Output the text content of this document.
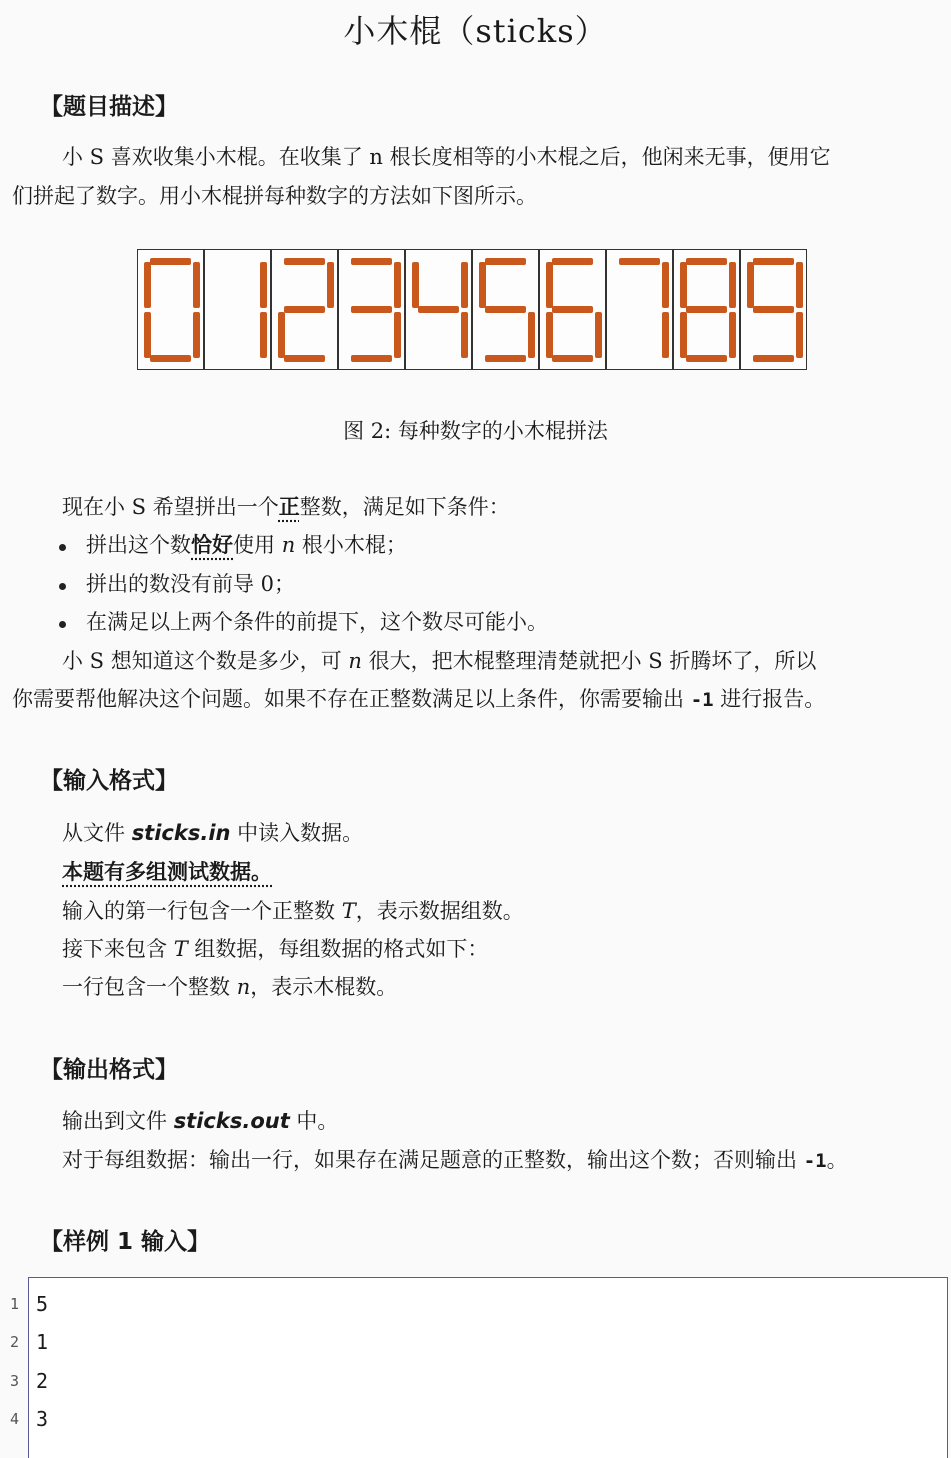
小木棍（sticks）
【题目描述】
小 S 喜欢收集小木棍。在收集了 n 根长度相等的小木棍之后，他闲来无事，便用它
们拼起了数字。用小木棍拼每种数字的方法如下图所示。
图 2: 每种数字的小木棍拼法
现在小 S 希望拼出一个正整数，满足如下条件：
拼出这个数恰好使用 n 根小木棍；
拼出的数没有前导 0；
在满足以上两个条件的前提下，这个数尽可能小。
小 S 想知道这个数是多少，可 n 很大，把木棍整理清楚就把小 S 折腾坏了，所以
你需要帮他解决这个问题。如果不存在正整数满足以上条件，你需要输出 -1 进行报告。
【输入格式】
从文件 sticks.in 中读入数据。
本题有多组测试数据。
输入的第一行包含一个正整数 T，表示数据组数。
接下来包含 T 组数据，每组数据的格式如下：
一行包含一个整数 n，表示木棍数。
【输出格式】
输出到文件 sticks.out 中。
对于每组数据：输出一行，如果存在满足题意的正整数，输出这个数；否则输出 -1。
【样例 1 输入】
1
2
3
4
5
1
2
3
